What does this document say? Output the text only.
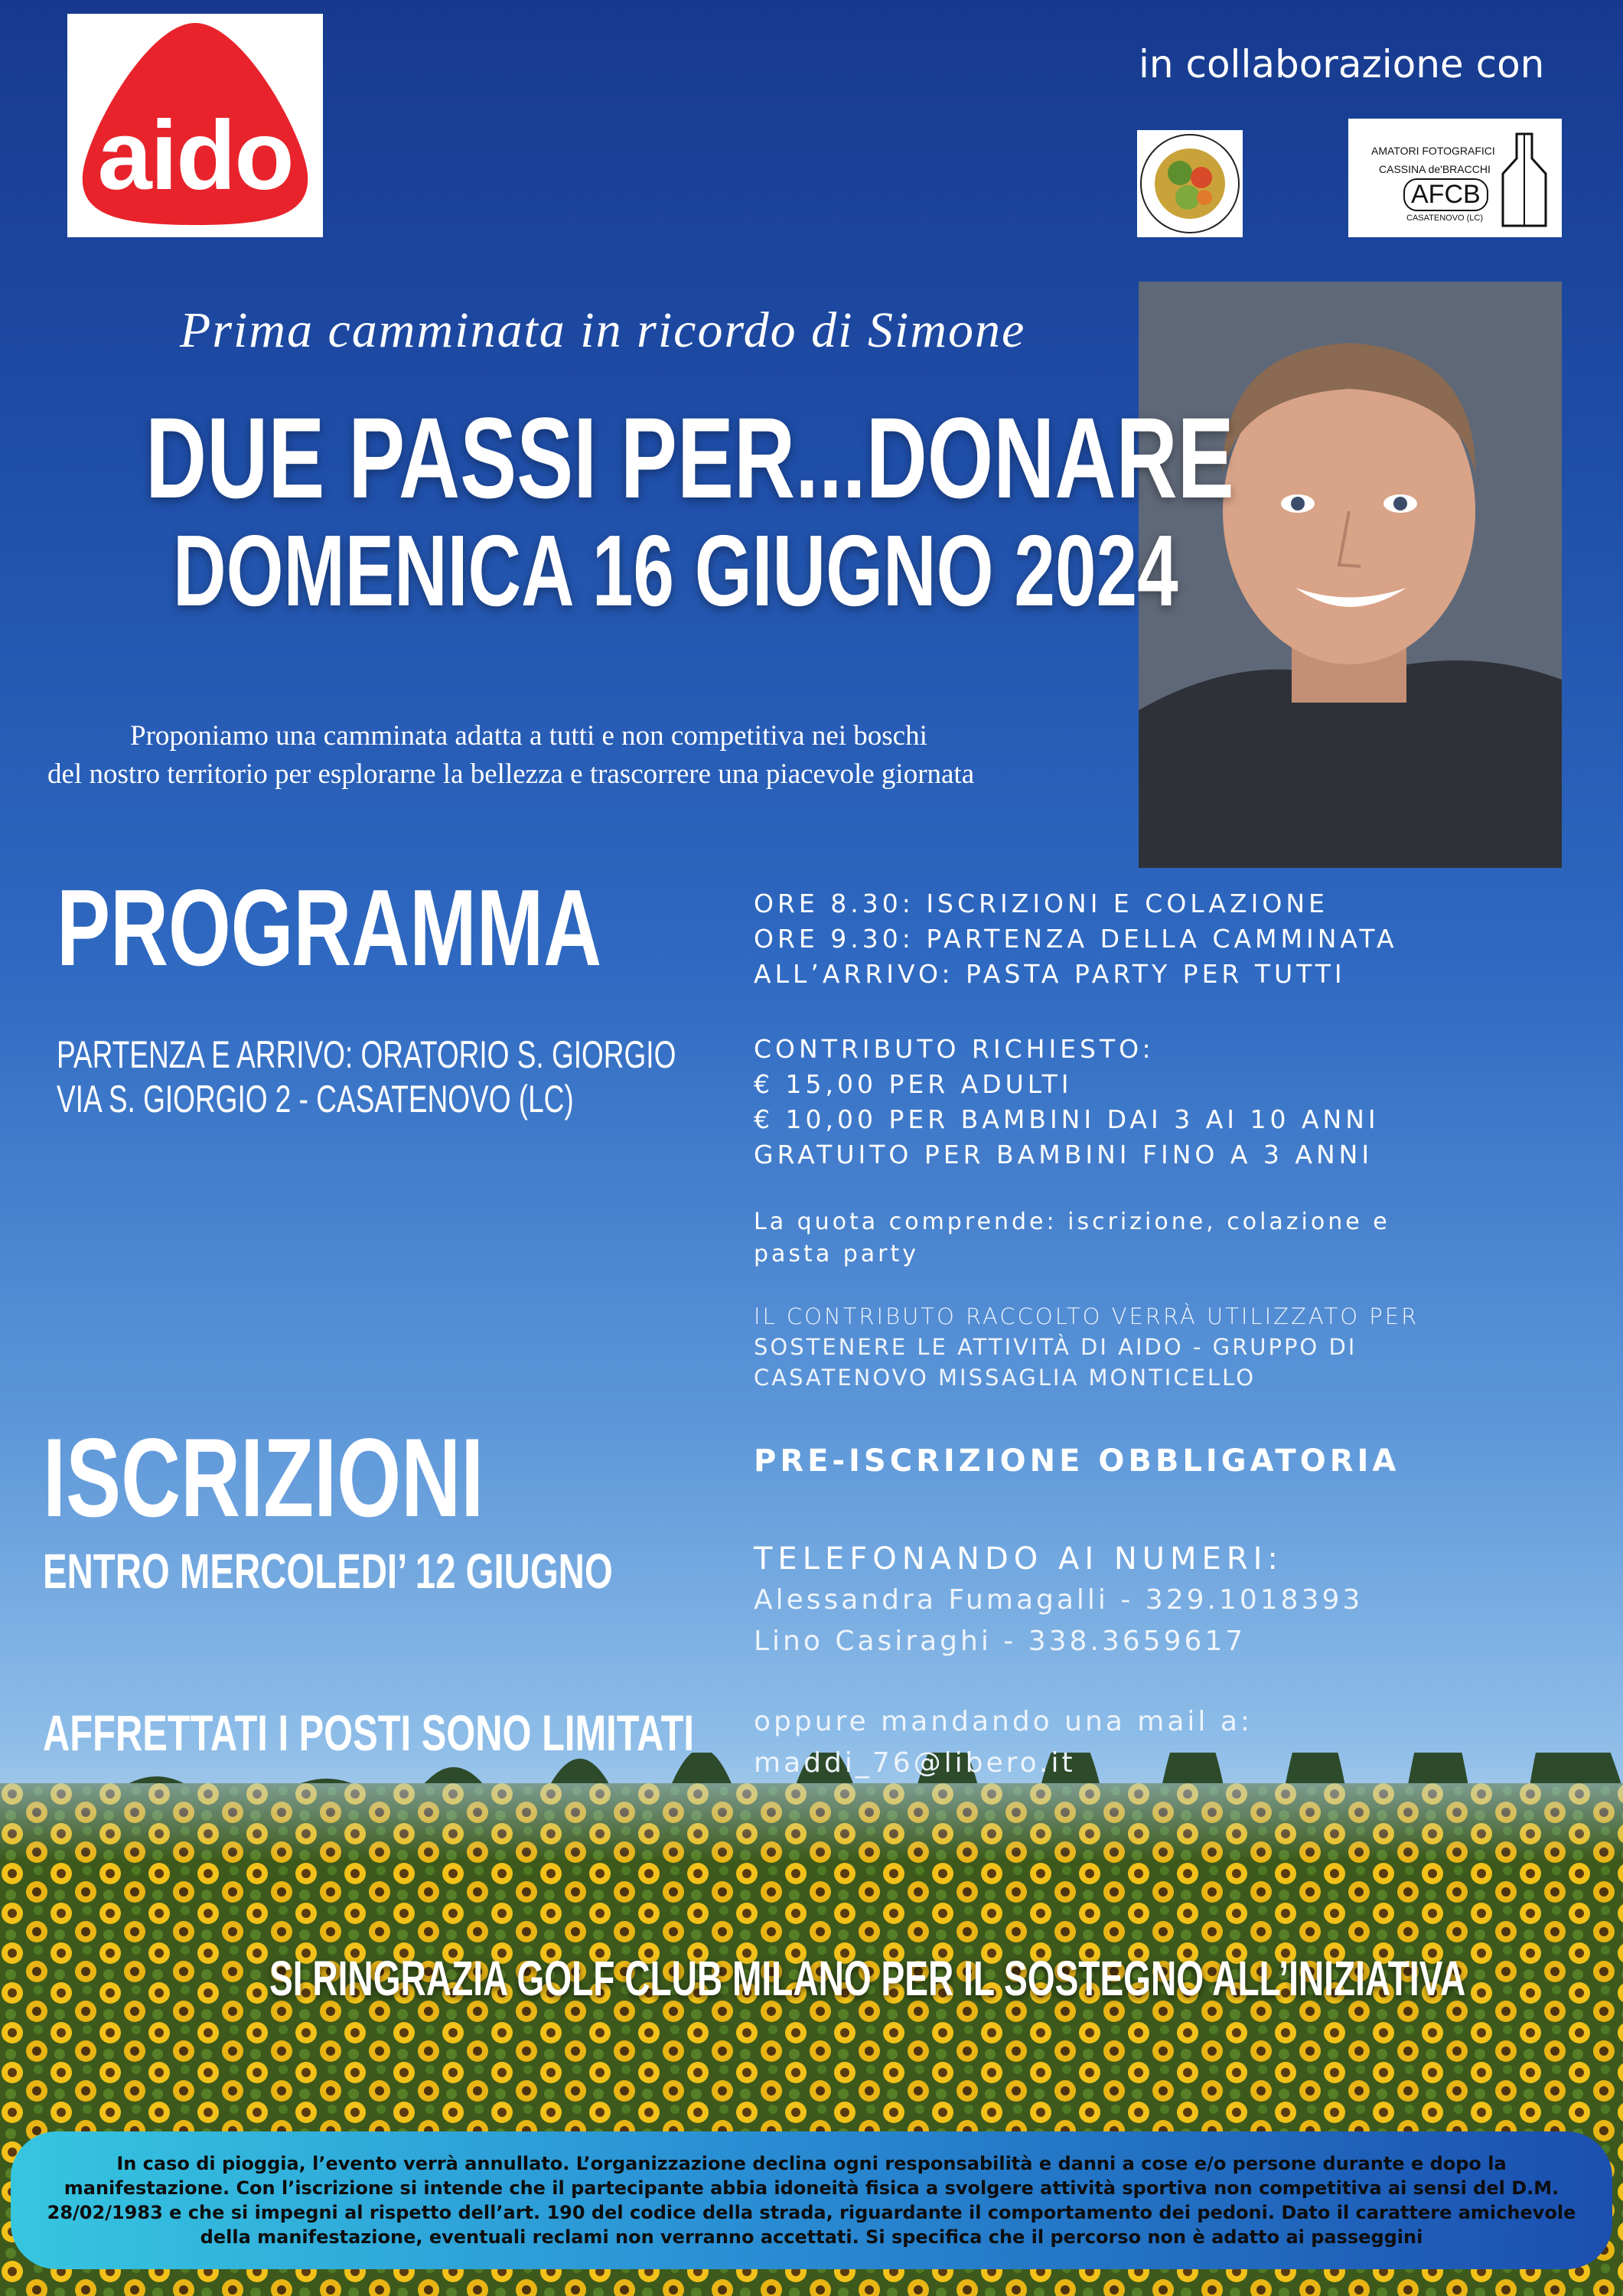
aido
in collaborazione con
AMATORI FOTOGRAFICI
CASSINA de'BRACCHI
AFCB
CASATENOVO (LC)
Prima camminata in ricordo di Simone
DUE PASSI PER...DONARE
DOMENICA 16 GIUGNO 2024
Proponiamo una camminata adatta a tutti e non competitiva nei boschi
del nostro territorio per esplorarne la bellezza e trascorrere una piacevole giornata
PROGRAMMA
PARTENZA E ARRIVO: ORATORIO S. GIORGIO
VIA S. GIORGIO 2 - CASATENOVO (LC)
ORE 8.30: ISCRIZIONI E COLAZIONE
ORE 9.30: PARTENZA DELLA CAMMINATA
ALL’ARRIVO: PASTA PARTY PER TUTTI
CONTRIBUTO RICHIESTO:
€ 15,00 PER ADULTI
€ 10,00 PER BAMBINI DAI 3 AI 10 ANNI
GRATUITO PER BAMBINI FINO A 3 ANNI
La quota comprende: iscrizione, colazione e
pasta party
IL CONTRIBUTO RACCOLTO VERRÀ UTILIZZATO PER
SOSTENERE LE ATTIVITÀ DI AIDO - GRUPPO DI
CASATENOVO MISSAGLIA MONTICELLO
ISCRIZIONI
ENTRO MERCOLEDI’ 12 GIUGNO
AFFRETTATI I POSTI SONO LIMITATI
PRE-ISCRIZIONE OBBLIGATORIA
TELEFONANDO AI NUMERI:
Alessandra Fumagalli - 329.1018393
Lino Casiraghi - 338.3659617
oppure mandando una mail a:
maddi_76@libero.it
SI RINGRAZIA GOLF CLUB MILANO PER IL SOSTEGNO ALL’INIZIATIVA
In caso di pioggia, l’evento verrà annullato. L’organizzazione declina ogni responsabilità e danni a cose e/o persone durante e dopo la manifestazione. Con l’iscrizione si intende che il partecipante abbia idoneità fisica a svolgere attività sportiva non competitiva ai sensi del D.M. 28/02/1983 e che si impegni al rispetto dell’art. 190 del codice della strada, riguardante il comportamento dei pedoni. Dato il carattere amichevole della manifestazione, eventuali reclami non verranno accettati. Si specifica che il percorso non è adatto ai passeggini
